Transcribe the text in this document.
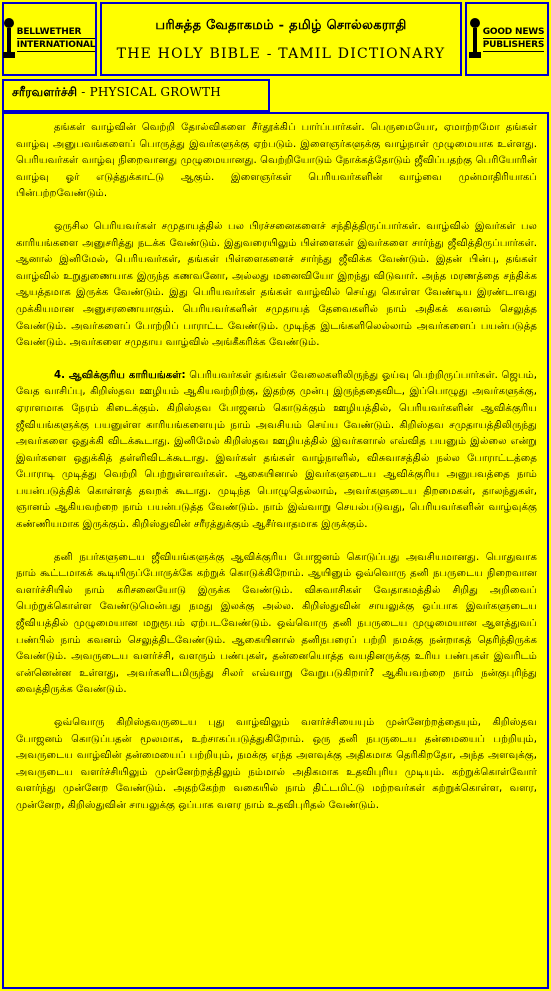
BELLWETHER
INTERNATIONAL
பரிசுத்த வேதாகமம் - தமிழ் சொல்லகராதி
THE HOLY BIBLE - TAMIL DICTIONARY
GOOD NEWS
PUBLISHERS
சரீரவளர்ச்சி - PHYSICAL GROWTH

தங்கள் வாழ்வின் வெற்றி தோல்விகளை சீர்தூக்கிப் பார்ப்பார்கள். பெருமையோ, ஏமாற்றமோ தங்கள் வாழ்வு அனுபவங்களைப் பொருத்து இவர்களுக்கு ஏற்படும். இளைஞர்களுக்கு வாழ்நாள் முழுமையாக உள்ளது. பெரியவர்கள் வாழ்வு நிறைவானது முழுமையானது. வெற்றியோடும் நோக்கத்தோடும் ஜீவிப்பதற்கு பெரியோரின் வாழ்வு ஓர் எடுத்துக்காட்டு ஆகும். இளைஞர்கள் பெரியவர்களின் வாழ்வை முன்மாதிரியாகப் பின்பற்றவேண்டும்.

ஒருசில பெரியவர்கள் சமுதாயத்தில் பல பிரச்சனைகளைச் சந்தித்திருப்பார்கள். வாழ்வில் இவர்கள் பல காரியங்களை அனுசரித்து நடக்க வேண்டும். இதுவரையிலும் பிள்ளைகள் இவர்களை சார்ந்து ஜீவித்திருப்பார்கள். ஆனால் இனிமேல், பெரியவர்கள், தங்கள் பிள்ளைகளைச் சார்ந்து ஜீவிக்க வேண்டும். இதன் பின்பு, தங்கள் வாழ்வில் உறுதுணையாக இருந்த கணவனோ, அல்லது மனைவியோ இறந்து விடுவார். அந்த மரணத்தை சந்திக்க ஆயத்தமாக இருக்க வேண்டும். இது பெரியவர்கள் தங்கள் வாழ்வில் செய்து கொள்ள வேண்டிய இரண்டாவது முக்கியமான அனுசரணையாகும். பெரியவர்களின் சமுதாயத் தேவைகளில் நாம் அதிகக் கவனம் செலுத்த வேண்டும். அவர்களைப் போற்றிப் பாராட்ட வேண்டும். முடிந்த இடங்களிலெல்லாம் அவர்களைப் பயன்படுத்த வேண்டும். அவர்களை சமுதாய வாழ்வில் அங்கீகரிக்க வேண்டும்.

4. ஆவிக்குரிய காரியங்கள்: பெரியவர்கள் தங்கள் வேலைகளிலிருந்து ஓய்வு பெற்றிருப்பார்கள். ஜெபம், வேத வாசிப்பு, கிறிஸ்தவ ஊழியம் ஆகியவற்றிற்கு, இதற்கு முன்பு இருந்ததைவிட, இப்பொழுது அவர்களுக்கு, ஏராளமாக நேரம் கிடைக்கும். கிறிஸ்தவ போஜனம் கொடுக்கும் ஊழியத்தில், பெரியவர்களின் ஆவிக்குரிய ஜீவியங்களுக்கு பயனுள்ள காரியங்களையும் நாம் அவசியம் செய்ய வேண்டும். கிறிஸ்தவ சமுதாயத்திலிருந்து அவர்களை ஒதுக்கி விடக்கூடாது. இனிமேல் கிறிஸ்தவ ஊழியத்தில் இவர்களால் எவ்வித பயனும் இல்லை என்று இவர்களை ஒதுக்கித் தள்ளிவிடக்கூடாது. இவர்கள் தங்கள் வாழ்நாளில், விசுவாசத்தில் நல்ல போராட்டத்தை போராடி முடித்து வெற்றி பெற்றுள்ளவர்கள். ஆகையினால் இவர்களுடைய ஆவிக்குரிய அனுபவத்தை நாம் பயன்படுத்திக் கொள்ளத் தவறக் கூடாது. முடிந்த பொழுதெல்லாம், அவர்களுடைய திறமைகள், தாலந்துகள், ஞானம் ஆகியவற்றை நாம் பயன்படுத்த வேண்டும். நாம் இவ்வாறு செயல்படுவது, பெரியவர்களின் வாழ்வுக்கு கண்ணியமாக இருக்கும். கிறிஸ்துவின் சரீரத்துக்கும் ஆசீர்வாதமாக இருக்கும்.

தனி நபர்களுடைய ஜீவியங்களுக்கு ஆவிக்குரிய போஜனம் கொடுப்பது அவசியமானது. பொதுவாக நாம் கூட்டமாகக் கூடியிருப்போருக்கே கற்றுக் கொடுக்கிறோம். ஆயினும் ஒவ்வொரு தனி நபருடைய நிறைவான வளர்ச்சியில் நாம் கரிசனையோடு இருக்க வேண்டும். விசுவாசிகள் வேதாகமத்தில் சிறிது அறிவைப் பெற்றுக்கொள்ள வேண்டுமென்பது நமது இலக்கு அல்ல. கிறிஸ்துவின் சாயலுக்கு ஒப்பாக இவர்களுடைய ஜீவியத்தில் முழுமையான மறுரூபம் ஏற்படவேண்டும். ஒவ்வொரு தனி நபருடைய முழுமையான ஆளத்துவப் பண்பில் நாம் கவனம் செலுத்திடவேண்டும். ஆகையினால் தனிநபரைப் பற்றி நமக்கு நன்றாகத் தெரிந்திருக்க வேண்டும். அவருடைய வளர்ச்சி, வளரும் பண்புகள், தன்னையொத்த வயதினருக்கு உரிய பண்புகள் இவரிடம் என்னென்ன உள்ளது, அவர்களிடமிருந்து சிலர் எவ்வாறு வேறுபடுகிறார்? ஆகியவற்றை நாம் நன்குபுரிந்து வைத்திருக்க வேண்டும்.

ஒவ்வொரு கிறிஸ்தவருடைய புது வாழ்விலும் வளர்ச்சியையும் முன்னேற்றத்தையும், கிறிஸ்தவ போஜனம் கொடுப்பதன் மூலமாக, உற்சாகப்படுத்துகிறோம். ஒரு தனி நபருடைய தன்மையைப் பற்றியும், அவருடைய வாழ்வின் தன்மையைப் பற்றியும், நமக்கு எந்த அளவுக்கு அதிகமாக தெரிகிறதோ, அந்த அளவுக்கு, அவருடைய வளர்ச்சியிலும் முன்னேற்றத்திலும் நம்மால் அதிகமாக உதவிபுரிய முடியும். கற்றுக்கொள்வோர் வளர்ந்து முன்னேற வேண்டும். அதற்கேற்ற வகையில் நாம் திட்டமிட்டு மற்றவர்கள் கற்றுக்கொள்ள, வளர, முன்னேற, கிறிஸ்துவின் சாயலுக்கு ஒப்பாக வளர நாம் உதவிபுரிதல் வேண்டும்.
